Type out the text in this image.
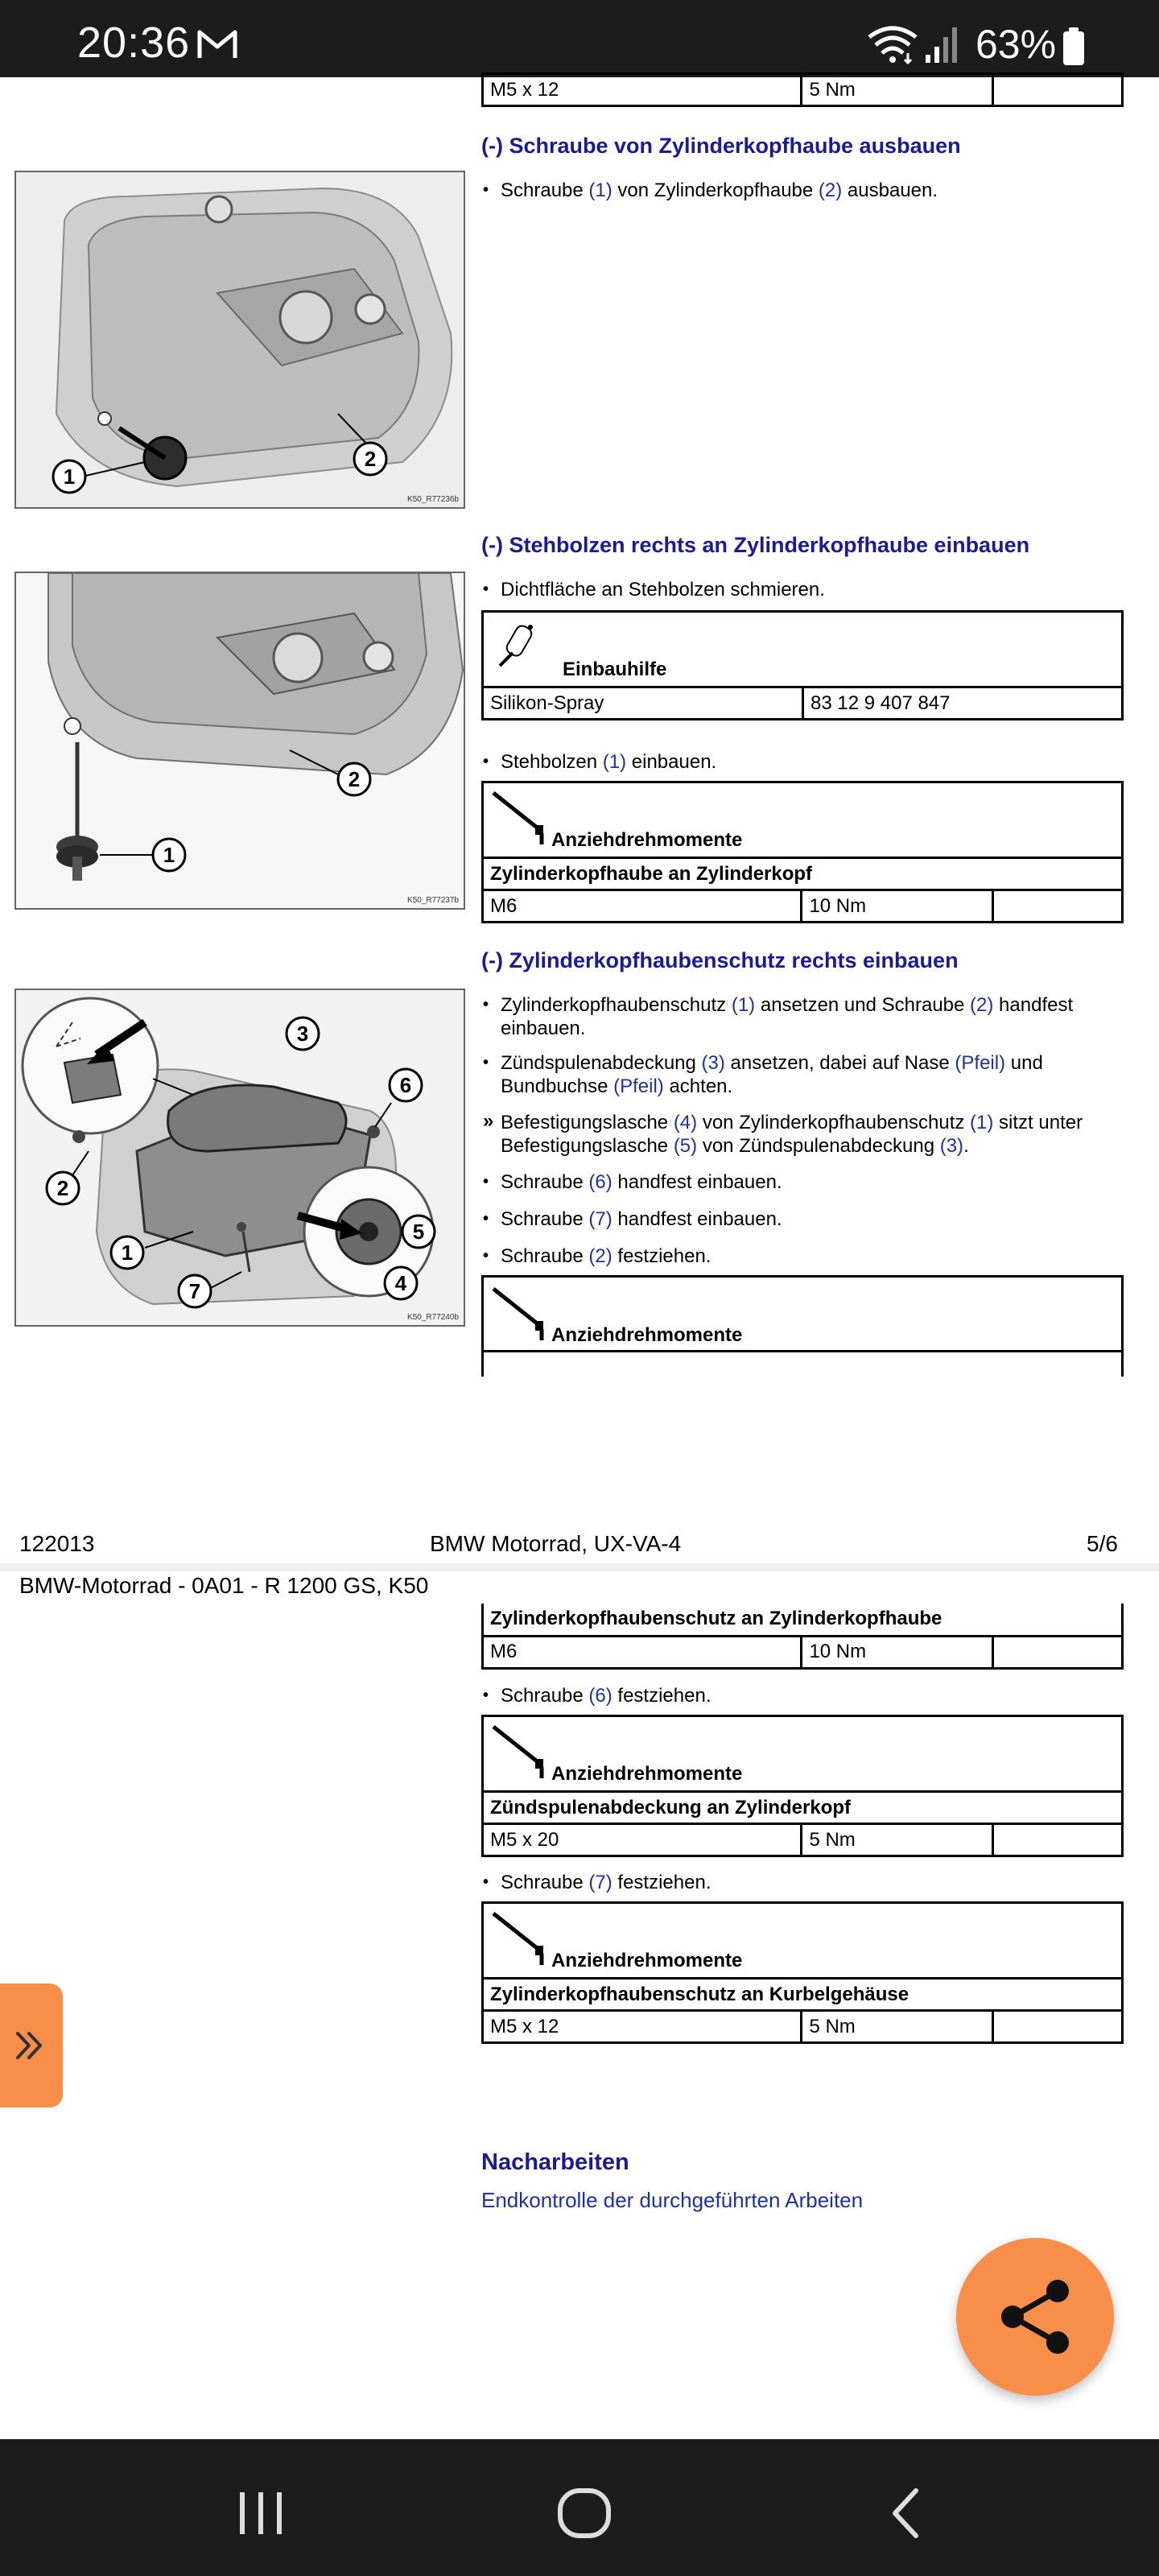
20:36	63%
M5 x 12	5 Nm	
(-) Schraube von Zylinderkopfhaube ausbauen
• Schraube (1) von Zylinderkopfhaube (2) ausbauen.
1
2
K50_R77236b
(-) Stehbolzen rechts an Zylinderkopfhaube einbauen
• Dichtfläche an Stehbolzen schmieren.
Einbauhilfe
Silikon-Spray	83 12 9 407 847
• Stehbolzen (1) einbauen.
Anziehdrehmomente
Zylinderkopfhaube an Zylinderkopf
M6	10 Nm	
1
2
K50_R77237b
(-) Zylinderkopfhaubenschutz rechts einbauen
• Zylinderkopfhaubenschutz (1) ansetzen und Schraube (2) handfest einbauen.
• Zündspulenabdeckung (3) ansetzen, dabei auf Nase (Pfeil) und Bundbuchse (Pfeil) achten.
» Befestigungslasche (4) von Zylinderkopfhaubenschutz (1) sitzt unter Befestigungslasche (5) von Zündspulenabdeckung (3).
• Schraube (6) handfest einbauen.
• Schraube (7) handfest einbauen.
• Schraube (2) festziehen.
Anziehdrehmomente
3
6
2
5
1
4
7
K50_R77240b
122013	BMW Motorrad, UX-VA-4	5/6
BMW-Motorrad - 0A01 - R 1200 GS, K50
Zylinderkopfhaubenschutz an Zylinderkopfhaube
M6	10 Nm	
• Schraube (6) festziehen.
Anziehdrehmomente
Zündspulenabdeckung an Zylinderkopf
M5 x 20	5 Nm	
• Schraube (7) festziehen.
Anziehdrehmomente
Zylinderkopfhaubenschutz an Kurbelgehäuse
M5 x 12	5 Nm	
Nacharbeiten
Endkontrolle der durchgeführten Arbeiten
